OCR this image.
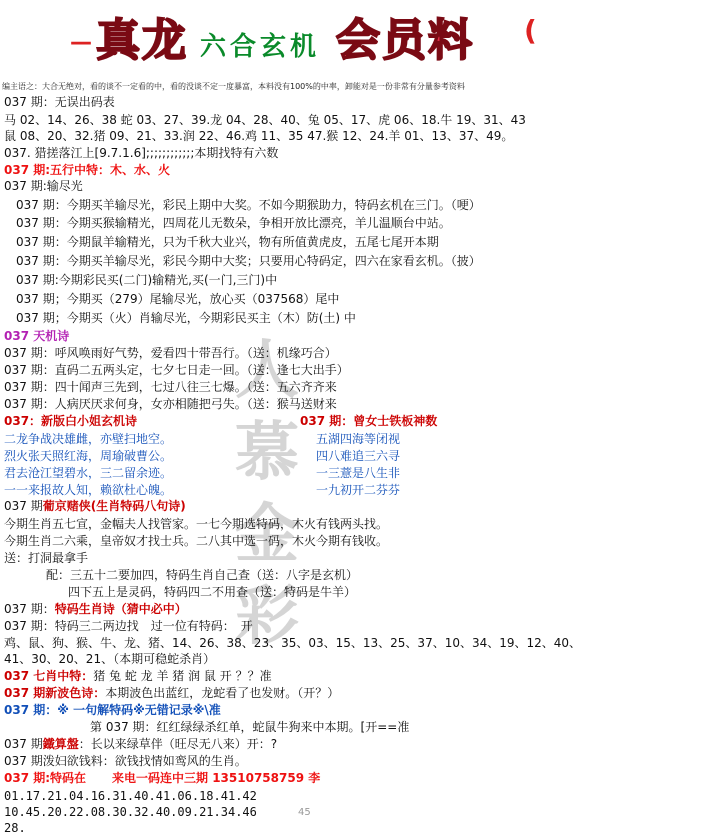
— 真龙 六合玄机 会员料 (
编主语之：大合无绝对，看的谈不一定看的中，看的没谈不定一度暴富，本料没有100%的中率，卸能对是一份非常有分量参考资料
人慕金彩
037 期：无误出码表
马 02、14、26、38 蛇 03、27、39.龙 04、28、40、兔 05、17、虎 06、18.牛 19、31、43
鼠 08、20、32.猪 09、21、33.润 22、46.鸡 11、35 47.猴 12、24.羊 01、13、37、49。
037. 猎搓落江上[9.7.1.6];;;;;;;;;;;;本期找特有六数
037 期:五行中特：木、水、火
037 期:输尽光
037 期：今期买羊输尽光，彩民上期中大奖。不如今期猴助力，特码玄机在三门。（哽）
037 期：今期买猴输精光，四周花儿无数朵，争相开放比漂亮，羊儿温顺台中站。
037 期：今期鼠羊输精光，只为千秋大业兴，物有所值黄虎皮，五尾七尾开本期
037 期：今期买羊输尽光，彩民今期中大奖；只要用心特码定，四六在家看玄机。（披）
037 期:今期彩民买(二门)输精光,买(一门,三门)中
037 期；今期买（279）尾输尽光，放心买（037568）尾中
037 期；今期买（火）肖输尽光，今期彩民买主（木）防(土) 中
037 天机诗
037 期：呼风唤雨好气势，爱看四十带吾行。（送：机缘巧合）
037 期：直码二五两头定，七夕七日走一回。（送：逢七大出手）
037 期：四十闻声三先到，七过八往三七爆。（送：五六齐齐来
037 期：人病厌厌求何身，女亦相随把弓失。（送：猴马送财来
037：新版白小姐玄机诗	037 期：曾女士铁板神数
二龙争战决雄雌，亦壁扫地空。	五湖四海等闭视
烈火张天照红海，周瑜破曹公。	四八难追三六寻
君去沧江望碧水，三二留余迹。	一三薏是八生非
一一来报故人知，赖欲杜心魄。	一九初开二芬芬
037 期葡京赌侠(生肖特码八句诗)
今期生肖五七宣，金幅夫人找管家。一七今期选特码，木火有钱两头找。
今期生肖二六乘，皇帝奴才找士兵。二八其中选一码，木火今期有钱收。
送：打洞最拿手
配：三五十二要加四，特码生肖自己查（送：八字是玄机）
四下五上是灵码，特码四二不用查（送：特码是牛羊）
037 期：特码生肖诗（猜中必中）
037 期：特码三二两边找　过一位有特码：　开
鸡、鼠、狗、猴、牛、龙、猪、14、26、38、23、35、03、15、13、25、37、10、34、19、12、40、
41、30、20、21、（本期可稳蛇杀肖）
037 七肖中特：猪 兔 蛇 龙 羊 猪 润 鼠 开 ？？准
037 期新波色诗：本期波色出蓝红，龙蛇看了也发财。（开？）
037 期：※ 一句解特码※无错记录※\准
第 037 期：红红绿绿杀红单，蛇鼠牛狗来中本期。[开==准
037 期鐵算盤：长以来绿草伴（旺尽无八来）开：?
037 期泼妇欲钱料：欲钱找情如鸾风的生肖。
037 期:特码在 来电一码连中三期 13510758759 李
01.17.21.04.16.31.40.41.06.18.41.42
10.45.20.22.08.30.32.40.09.21.34.46
28.
45
